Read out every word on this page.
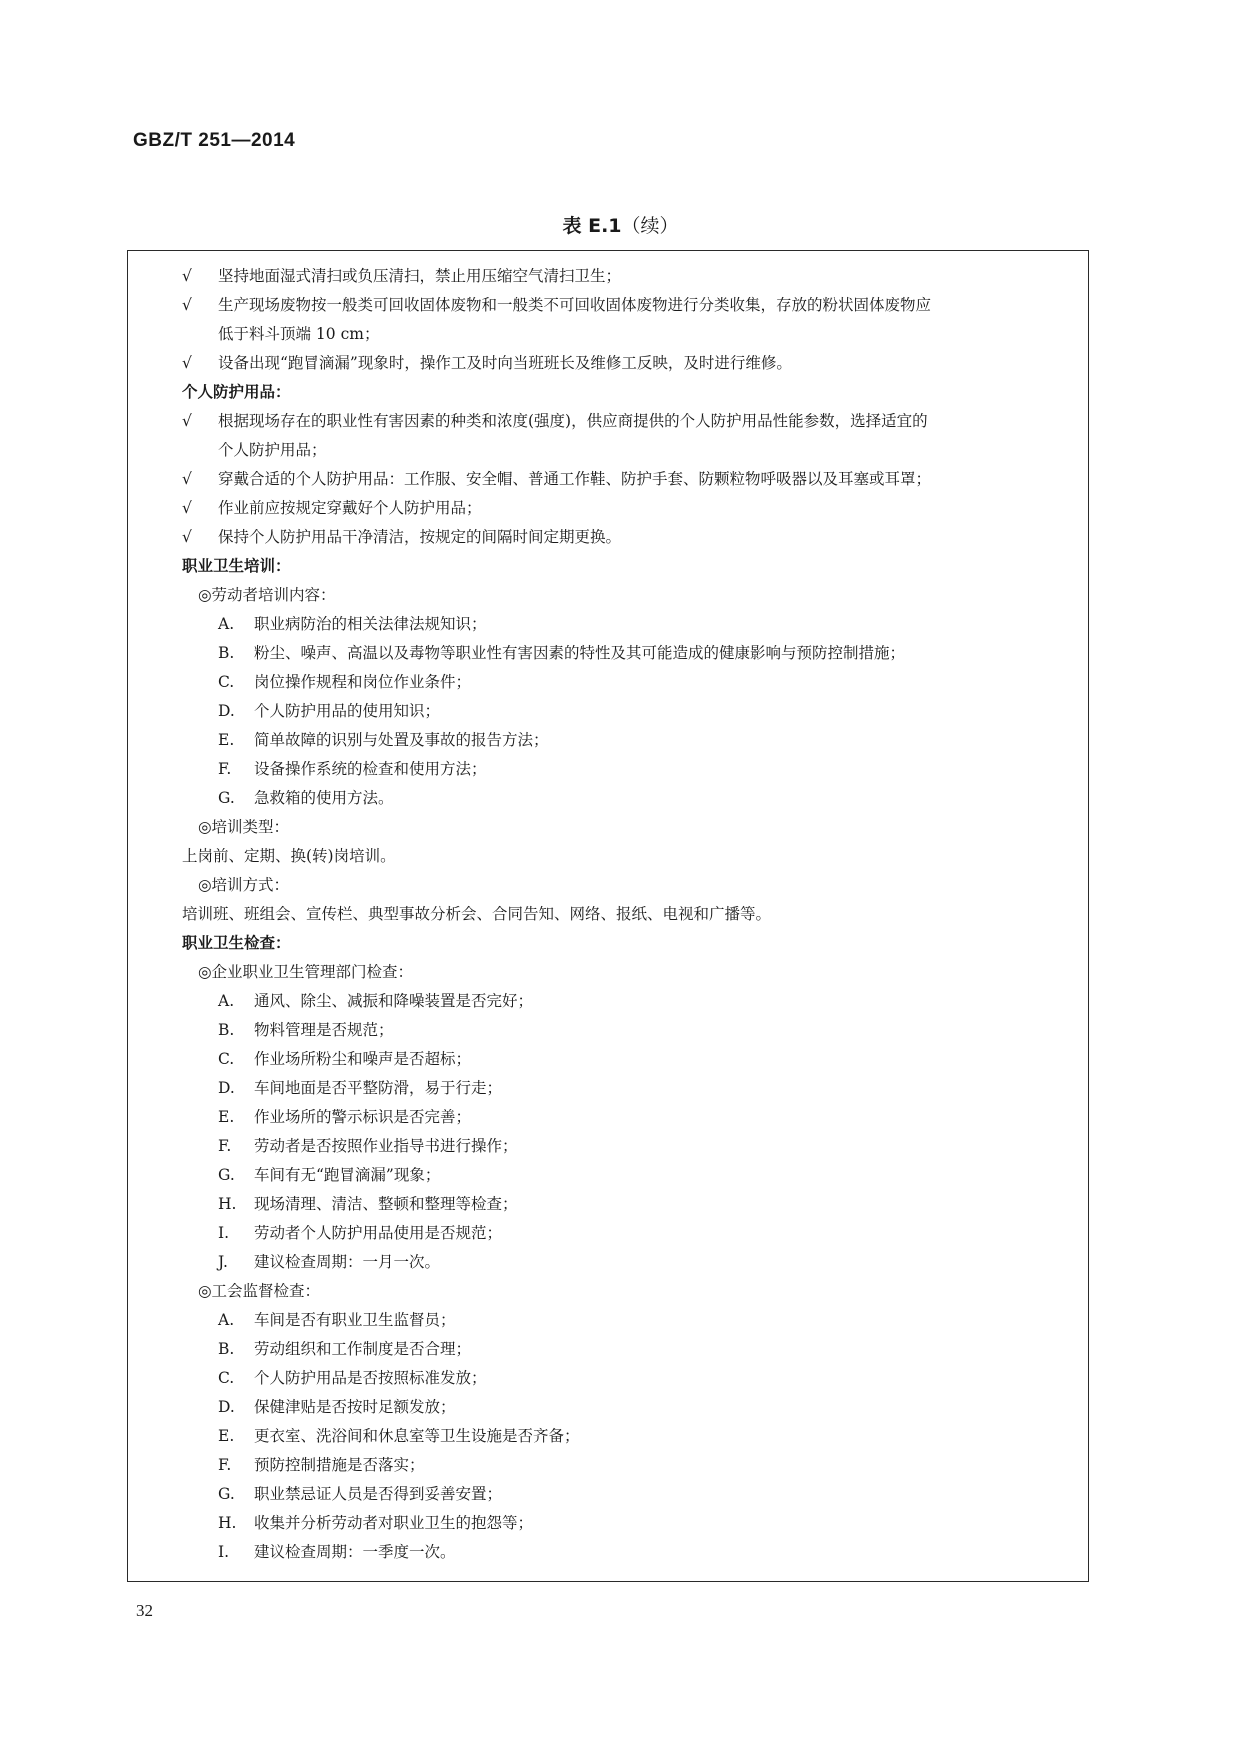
GBZ/T 251—2014
表 E.1（续）
√ 坚持地面湿式清扫或负压清扫，禁止用压缩空气清扫卫生；
√ 生产现场废物按一般类可回收固体废物和一般类不可回收固体废物进行分类收集，存放的粉状固体废物应
低于料斗顶端 10 cm；
√ 设备出现“跑冒滴漏”现象时，操作工及时向当班班长及维修工反映，及时进行维修。
个人防护用品：
√ 根据现场存在的职业性有害因素的种类和浓度(强度)，供应商提供的个人防护用品性能参数，选择适宜的
个人防护用品；
√ 穿戴合适的个人防护用品：工作服、安全帽、普通工作鞋、防护手套、防颗粒物呼吸器以及耳塞或耳罩；
√ 作业前应按规定穿戴好个人防护用品；
√ 保持个人防护用品干净清洁，按规定的间隔时间定期更换。
职业卫生培训：
◎劳动者培训内容：
A. 职业病防治的相关法律法规知识；
B. 粉尘、噪声、高温以及毒物等职业性有害因素的特性及其可能造成的健康影响与预防控制措施；
C. 岗位操作规程和岗位作业条件；
D. 个人防护用品的使用知识；
E. 简单故障的识别与处置及事故的报告方法；
F. 设备操作系统的检查和使用方法；
G. 急救箱的使用方法。
◎培训类型：
上岗前、定期、换(转)岗培训。
◎培训方式：
培训班、班组会、宣传栏、典型事故分析会、合同告知、网络、报纸、电视和广播等。
职业卫生检查：
◎企业职业卫生管理部门检查：
A. 通风、除尘、减振和降噪装置是否完好；
B. 物料管理是否规范；
C. 作业场所粉尘和噪声是否超标；
D. 车间地面是否平整防滑，易于行走；
E. 作业场所的警示标识是否完善；
F. 劳动者是否按照作业指导书进行操作；
G. 车间有无“跑冒滴漏”现象；
H. 现场清理、清洁、整顿和整理等检查；
I. 劳动者个人防护用品使用是否规范；
J. 建议检查周期：一月一次。
◎工会监督检查：
A. 车间是否有职业卫生监督员；
B. 劳动组织和工作制度是否合理；
C. 个人防护用品是否按照标准发放；
D. 保健津贴是否按时足额发放；
E. 更衣室、洗浴间和休息室等卫生设施是否齐备；
F. 预防控制措施是否落实；
G. 职业禁忌证人员是否得到妥善安置；
H. 收集并分析劳动者对职业卫生的抱怨等；
I. 建议检查周期：一季度一次。
32
